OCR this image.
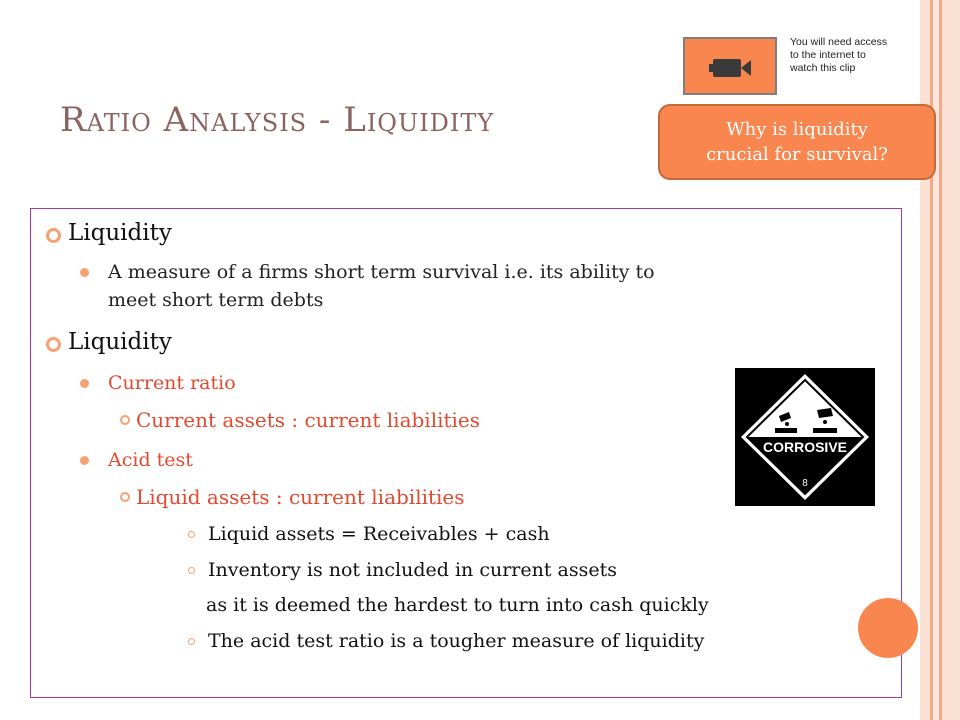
RATIO ANALYSIS - LIQUIDITY
You will need access to the internet to watch this clip
Why is liquidity
crucial for survival?
Liquidity
A measure of a firms short term survival i.e. its ability to
meet short term debts
Liquidity
Current ratio
Current assets : current liabilities
Acid test
Liquid assets : current liabilities
Liquid assets = Receivables + cash
Inventory is not included in current assets
as it is deemed the hardest to turn into cash quickly
The acid test ratio is a tougher measure of liquidity
CORROSIVE
8
